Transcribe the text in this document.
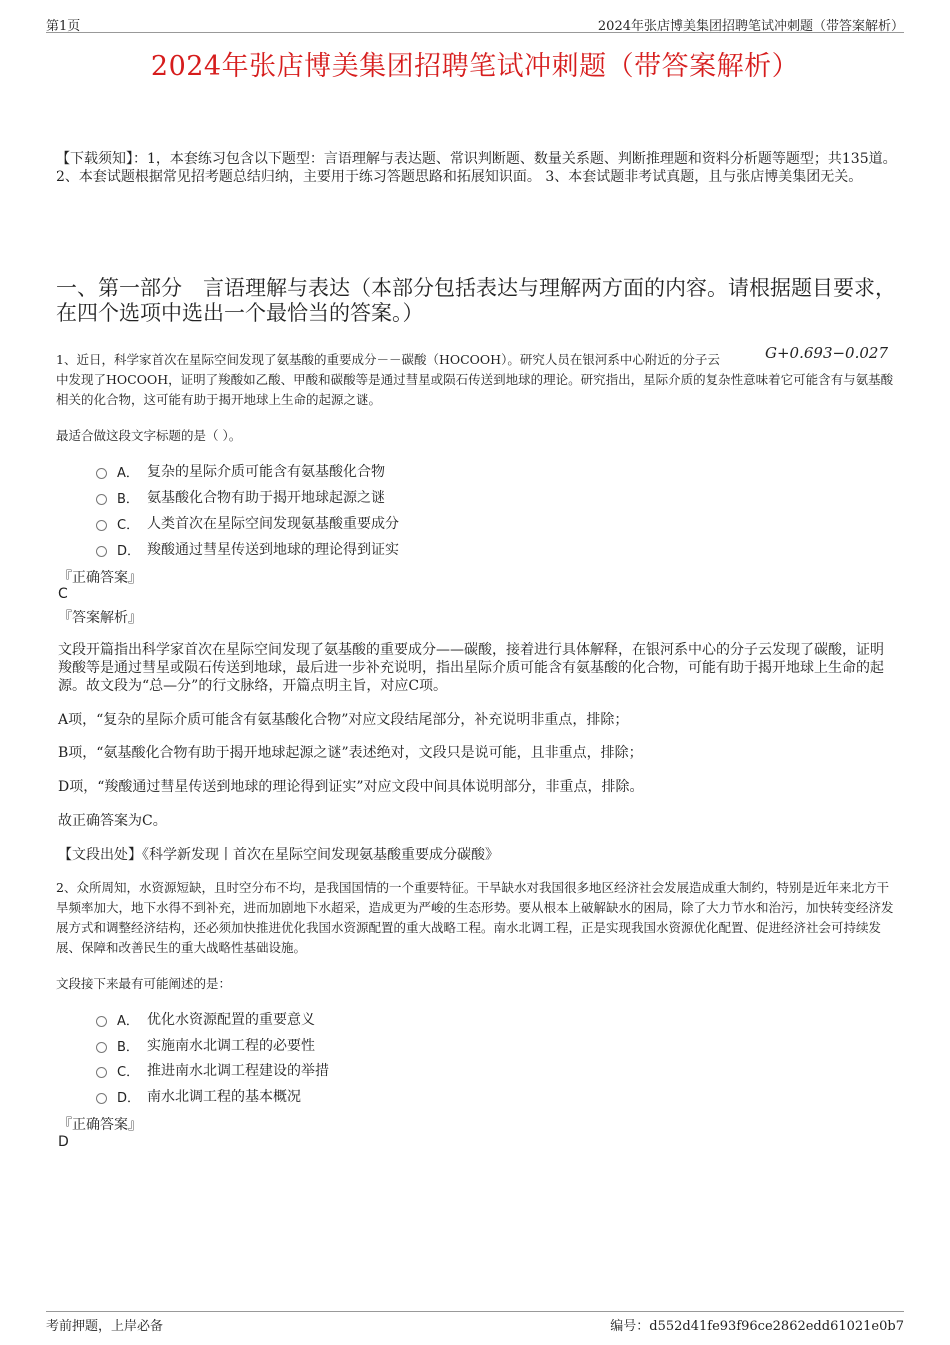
第1页	2024年张店博美集团招聘笔试冲刺题（带答案解析）
2024年张店博美集团招聘笔试冲刺题（带答案解析）
【下载须知】：1，本套练习包含以下题型：言语理解与表达题、常识判断题、数量关系题、判断推理题和资料分析题等题型；共135道。 2、本套试题根据常见招考题总结归纳，主要用于练习答题思路和拓展知识面。 3、本套试题非考试真题，且与张店博美集团无关。
一、第一部分　言语理解与表达（本部分包括表达与理解两方面的内容。请根据题目要求，在四个选项中选出一个最恰当的答案。）
1、近日，科学家首次在星际空间发现了氨基酸的重要成分－－碳酸（HOCOOH）。研究人员在银河系中心附近的分子云	G+0.693−0.027
中发现了HOCOOH，证明了羧酸如乙酸、甲酸和碳酸等是通过彗星或陨石传送到地球的理论。研究指出，星际介质的复杂性意味着它可能含有与氨基酸相关的化合物，这可能有助于揭开地球上生命的起源之谜。
最适合做这段文字标题的是（ ）。
A． 复杂的星际介质可能含有氨基酸化合物
B． 氨基酸化合物有助于揭开地球起源之谜
C． 人类首次在星际空间发现氨基酸重要成分
D． 羧酸通过彗星传送到地球的理论得到证实
『正确答案』
C
『答案解析』
文段开篇指出科学家首次在星际空间发现了氨基酸的重要成分——碳酸，接着进行具体解释，在银河系中心的分子云发现了碳酸，证明羧酸等是通过彗星或陨石传送到地球，最后进一步补充说明，指出星际介质可能含有氨基酸的化合物，可能有助于揭开地球上生命的起源。故文段为“总—分”的行文脉络，开篇点明主旨，对应C项。
A项，“复杂的星际介质可能含有氨基酸化合物”对应文段结尾部分，补充说明非重点，排除；
B项，“氨基酸化合物有助于揭开地球起源之谜”表述绝对，文段只是说可能，且非重点，排除；
D项，“羧酸通过彗星传送到地球的理论得到证实”对应文段中间具体说明部分，非重点，排除。
故正确答案为C。
【文段出处】《科学新发现丨首次在星际空间发现氨基酸重要成分碳酸》
2、众所周知，水资源短缺，且时空分布不均，是我国国情的一个重要特征。干旱缺水对我国很多地区经济社会发展造成重大制约，特别是近年来北方干旱频率加大，地下水得不到补充，进而加剧地下水超采，造成更为严峻的生态形势。要从根本上破解缺水的困局，除了大力节水和治污，加快转变经济发展方式和调整经济结构，还必须加快推进优化我国水资源配置的重大战略工程。南水北调工程，正是实现我国水资源优化配置、促进经济社会可持续发展、保障和改善民生的重大战略性基础设施。
文段接下来最有可能阐述的是：
A． 优化水资源配置的重要意义
B． 实施南水北调工程的必要性
C． 推进南水北调工程建设的举措
D． 南水北调工程的基本概况
『正确答案』
D
考前押题，上岸必备	编号：d552d41fe93f96ce2862edd61021e0b7
